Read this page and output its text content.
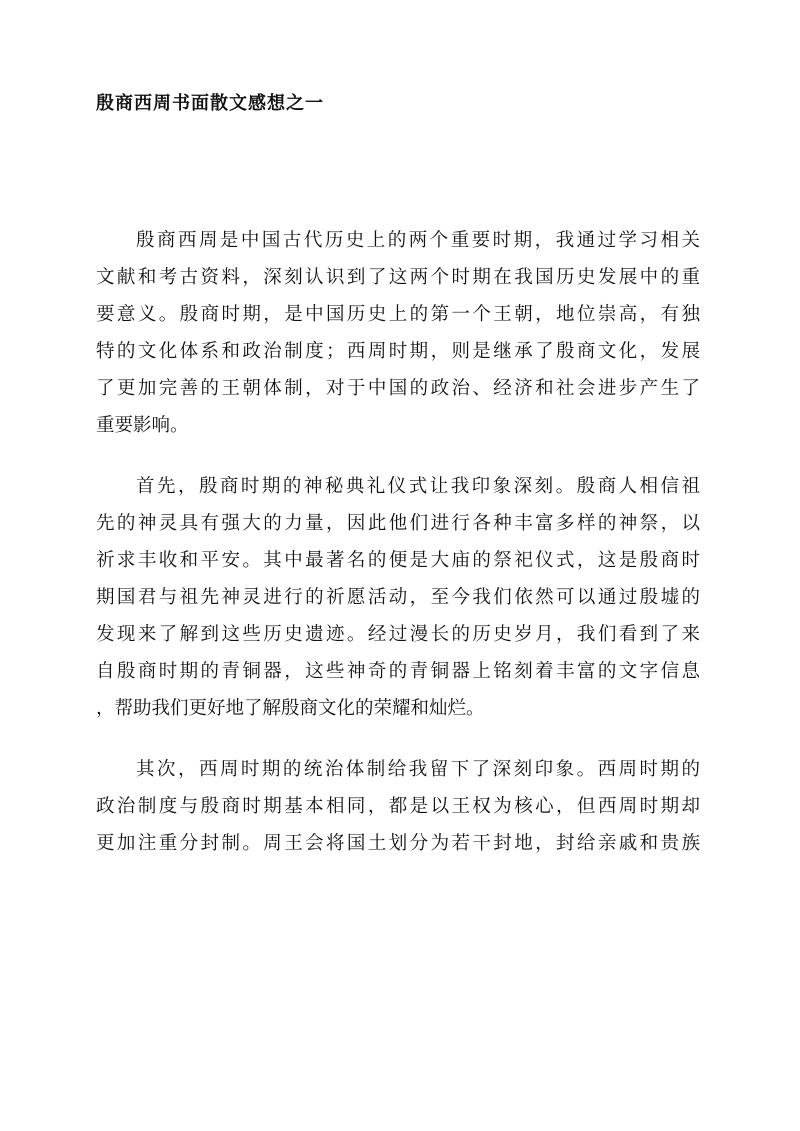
殷商西周书面散文感想之一

殷商西周是中国古代历史上的两个重要时期，我通过学习相关
文献和考古资料，深刻认识到了这两个时期在我国历史发展中的重
要意义。殷商时期，是中国历史上的第一个王朝，地位崇高，有独
特的文化体系和政治制度；西周时期，则是继承了殷商文化，发展
了更加完善的王朝体制，对于中国的政治、经济和社会进步产生了
重要影响。

首先，殷商时期的神秘典礼仪式让我印象深刻。殷商人相信祖
先的神灵具有强大的力量，因此他们进行各种丰富多样的神祭，以
祈求丰收和平安。其中最著名的便是大庙的祭祀仪式，这是殷商时
期国君与祖先神灵进行的祈愿活动，至今我们依然可以通过殷墟的
发现来了解到这些历史遗迹。经过漫长的历史岁月，我们看到了来
自殷商时期的青铜器，这些神奇的青铜器上铭刻着丰富的文字信息
，帮助我们更好地了解殷商文化的荣耀和灿烂。

其次，西周时期的统治体制给我留下了深刻印象。西周时期的
政治制度与殷商时期基本相同，都是以王权为核心，但西周时期却
更加注重分封制。周王会将国土划分为若干封地，封给亲戚和贵族
